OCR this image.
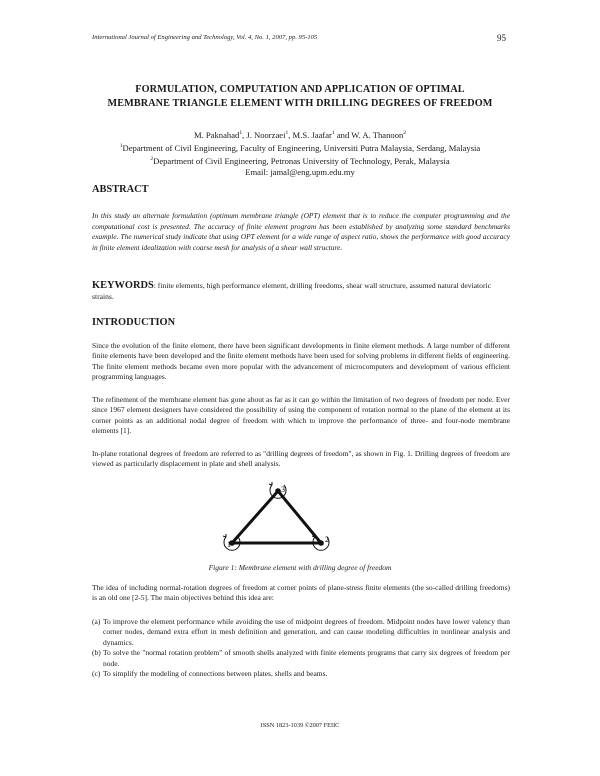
International Journal of Engineering and Technology, Vol. 4, No. 1, 2007, pp. 95-105	95
FORMULATION, COMPUTATION AND APPLICATION OF OPTIMAL
MEMBRANE TRIANGLE ELEMENT WITH DRILLING DEGREES OF FREEDOM
M. Paknahad$^1$, J. Noorzaei$^1$, M.S. Jaafar$^1$ and W. A. Thanoon$^2$
$^1$Department of Civil Engineering, Faculty of Engineering, Universiti Putra Malaysia, Serdang, Malaysia
$^2$Department of Civil Engineering, Petronas University of Technology, Perak, Malaysia
Email: jamal@eng.upm.edu.my
ABSTRACT
In this study an alternate formulation (optimum membrane triangle (OPT) element that is to reduce the computer programming and the computational cost is presented. The accuracy of finite element program has been established by analyzing some standard benchmarks example. The numerical study indicate that using OPT element for a wide range of aspect ratio, shows the performance with good accuracy in finite element idealization with coarse mesh for analysis of a shear wall structure.
KEYWORDS: finite elements, high performance element, drilling freedoms, shear wall structure, assumed natural deviatoric strains.
INTRODUCTION
Since the evolution of the finite element, there have been significant developments in finite element methods. A large number of different finite elements have been developed and the finite element methods have been used for solving problems in different fields of engineering. The finite element methods became even more popular with the advancement of microcomputers and development of various efficient programming languages.
The refinement of the membrane element has gone about as far as it can go within the limitation of two degrees of freedom per node. Ever since 1967 element designers have considered the possibility of using the component of rotation normal to the plane of the element at its corner points as an additional nodal degree of freedom with which to improve the performance of three- and four-node membrane elements [1].
In-plane rotational degrees of freedom are referred to as "drilling degrees of freedom", as shown in Fig. 1. Drilling degrees of freedom are viewed as particularly displacement in plate and shell analysis.
1
2
3
Figure 1: Membrane element with drilling degree of freedom
The idea of including normal-rotation degrees of freedom at corner points of plane-stress finite elements (the so-called drilling freedoms) is an old one [2-5]. The main objectives behind this idea are:
(a) To improve the element performance while avoiding the use of midpoint degrees of freedom. Midpoint nodes have lower valency than corner nodes, demand extra effort in mesh definition and generation, and can cause modeling difficulties in nonlinear analysis and dynamics.
(b) To solve the "normal rotation problem" of smooth shells analyzed with finite elements programs that carry six degrees of freedom per node.
(c) To simplify the modeling of connections between plates, shells and beams.
ISSN 1823-1039 ©2007 FEIIC
